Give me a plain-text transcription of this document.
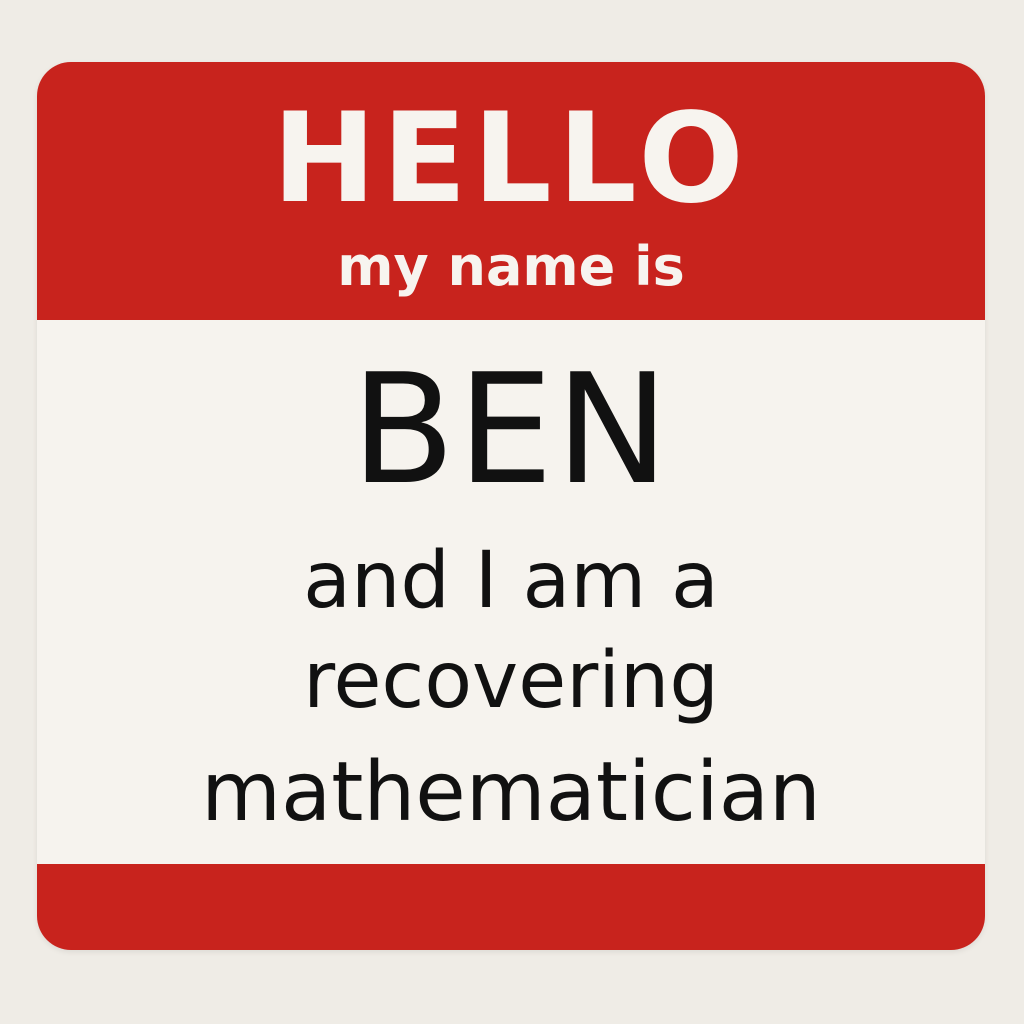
HELLO
my name is
BEN
and I am a
recovering
mathematician
